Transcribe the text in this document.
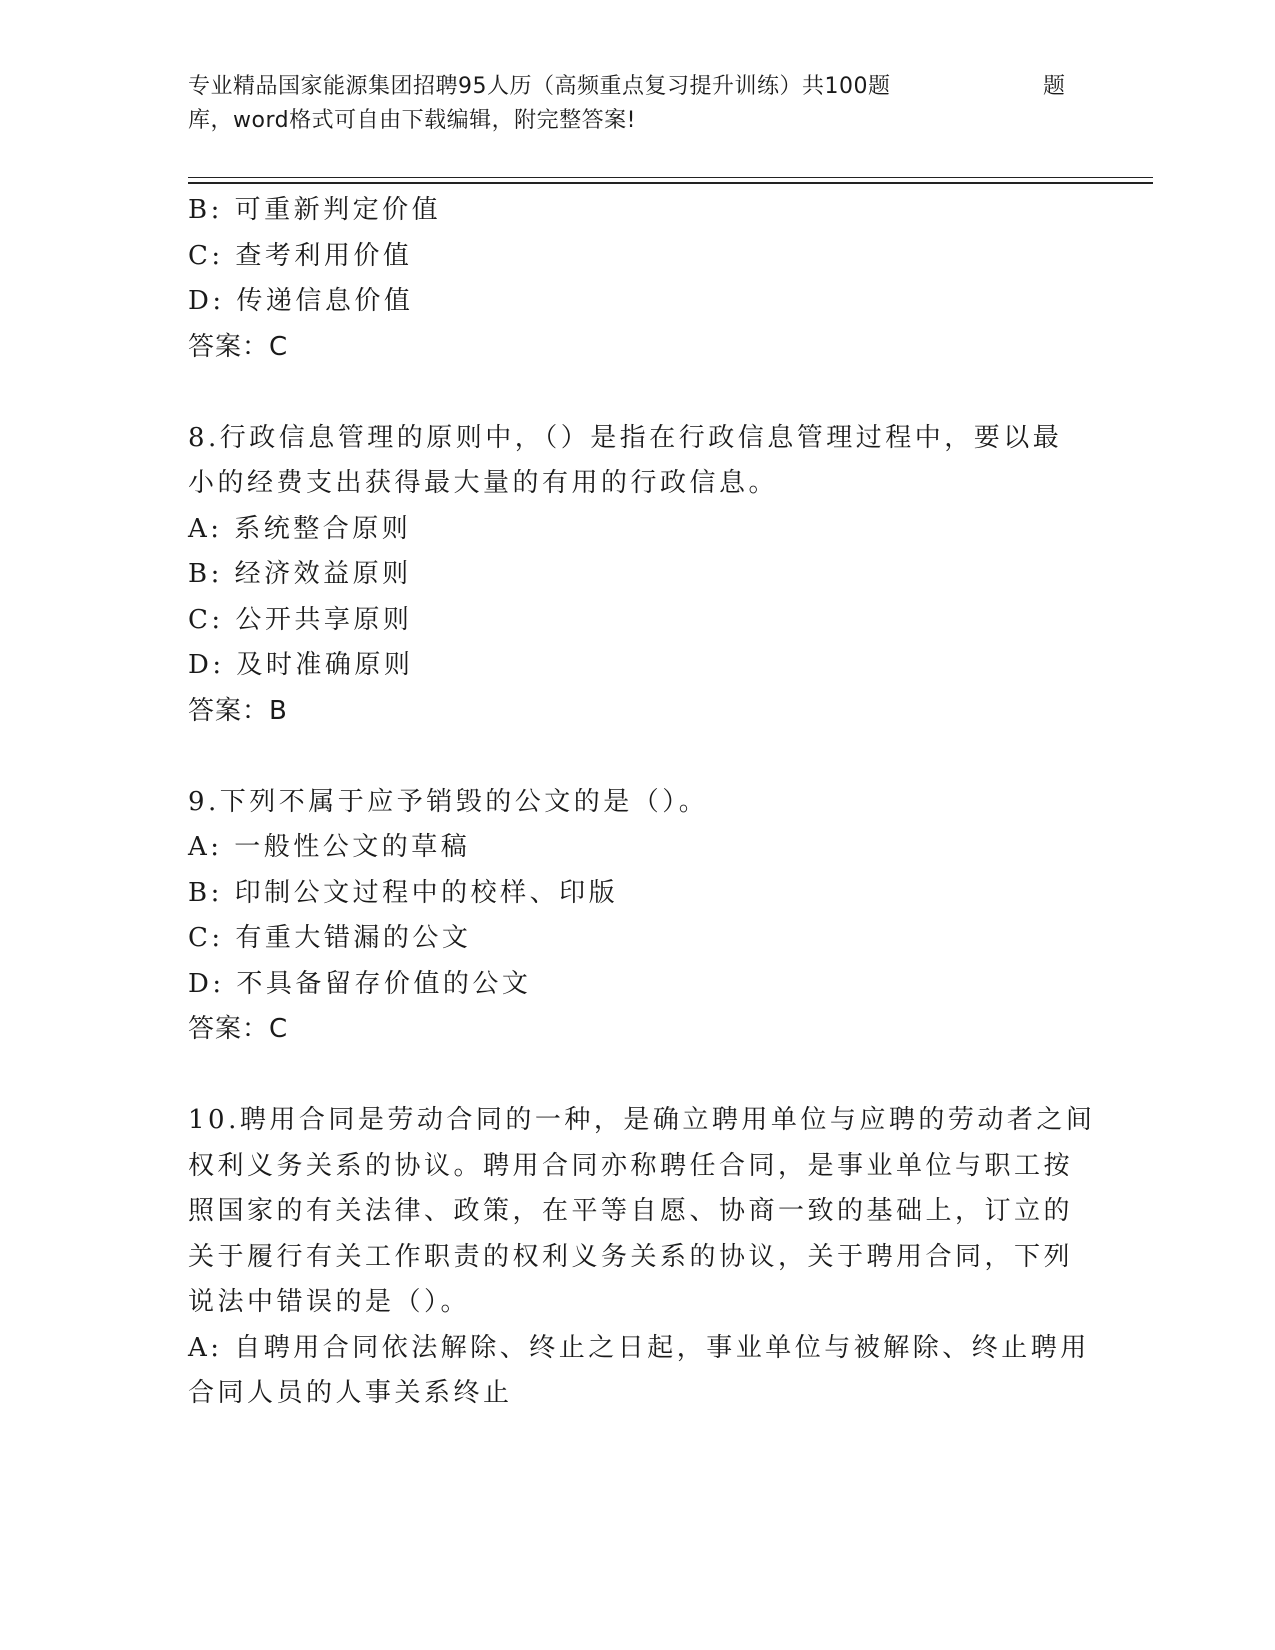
专业精品国家能源集团招聘95人历（高频重点复习提升训练）共100题	题
库，word格式可自由下载编辑，附完整答案!
B: 可重新判定价值
C: 查考利用价值
D: 传递信息价值
答案：C
8.行政信息管理的原则中，（）是指在行政信息管理过程中，要以最
小的经费支出获得最大量的有用的行政信息。
A: 系统整合原则
B: 经济效益原则
C: 公开共享原则
D: 及时准确原则
答案：B
9.下列不属于应予销毁的公文的是（）。
A: 一般性公文的草稿
B: 印制公文过程中的校样、印版
C: 有重大错漏的公文
D: 不具备留存价值的公文
答案：C
10.聘用合同是劳动合同的一种，是确立聘用单位与应聘的劳动者之间
权利义务关系的协议。聘用合同亦称聘任合同，是事业单位与职工按
照国家的有关法律、政策，在平等自愿、协商一致的基础上，订立的
关于履行有关工作职责的权利义务关系的协议，关于聘用合同，下列
说法中错误的是（）。
A: 自聘用合同依法解除、终止之日起，事业单位与被解除、终止聘用
合同人员的人事关系终止
